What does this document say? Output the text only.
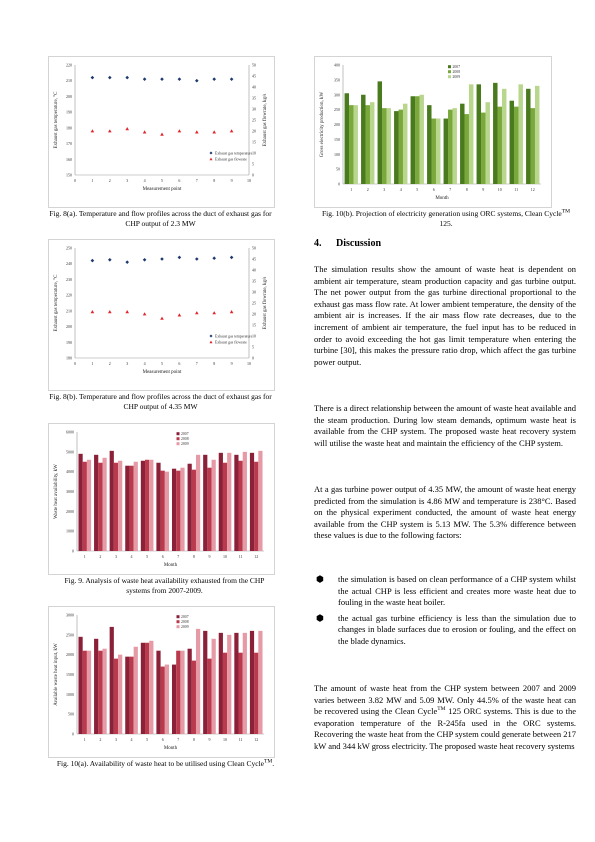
150
160
170
180
190
200
210
220
0
5
10
15
20
25
30
35
40
45
50
0	1	2	3	4	5	6	7	8	9	10
Measurement point
Exhaust gas temperature, °C	Exhaust gas flowrate, kg/s
Exhaust gas temperature
Exhaust gas flowrate
Fig. 8(a). Temperature and flow profiles across the duct of exhaust gas for CHP output of 2.3 MW
180
190
200
210
220
230
240
250
0
5
10
15
20
25
30
35
40
45
50
0	1	2	3	4	5	6	7	8	9	10
Measurement point
Exhaust gas temperature, °C	Exhaust gas flowrate, kg/s
Exhaust gas temperature
Exhaust gas flowrate
Fig. 8(b). Temperature and flow profiles across the duct of exhaust gas for CHP output of 4.35 MW
0
1000
2000
3000
4000
5000
6000
1	2	3	4	5	6	7	8	9	10	11	12
Month
Waste heat availability, kW
2007
2008
2009
Fig. 9. Analysis of waste heat availability exhausted from the CHP systems from 2007-2009.
0
500
1000
1500
2000
2500
3000
1	2	3	4	5	6	7	8	9	10	11	12
Month
Available waste heat input, kW
2007
2008
2009
Fig. 10(a). Availability of waste heat to be utilised using Clean Cycle™.
0
50
100
150
200
250
300
350
400
1	2	3	4	5	6	7	8	9	10	11	12
Month
Gross electricity production, kW
2007
2008
2009
Fig. 10(b). Projection of electricity generation using ORC systems, Clean Cycle™ 125.
4. Discussion

The simulation results show the amount of waste heat is dependent on ambient air temperature, steam production capacity and gas turbine output. The net power output from the gas turbine directional proportional to the exhaust gas mass flow rate. At lower ambient temperature, the density of the ambient air is increases. If the air mass flow rate decreases, due to the increment of ambient air temperature, the fuel input has to be reduced in order to avoid exceeding the hot gas limit temperature when entering the turbine [30], this makes the pressure ratio drop, which affect the gas turbine power output.

There is a direct relationship between the amount of waste heat available and the steam production. During low steam demands, optimum waste heat is available from the CHP system. The proposed waste heat recovery system will utilise the waste heat and maintain the efficiency of the CHP system.

At a gas turbine power output of 4.35 MW, the amount of waste heat energy predicted from the simulation is 4.86 MW and temperature is 238°C. Based on the physical experiment conducted, the amount of waste heat energy available from the CHP system is 5.13 MW. The 5.3% difference between these values is due to the following factors:

⬢	the simulation is based on clean performance of a CHP system whilst the actual CHP is less efficient and creates more waste heat due to fouling in the waste heat boiler.
⬢	the actual gas turbine efficiency is less than the simulation due to changes in blade surfaces due to erosion or fouling, and the effect on the blade dynamics.

The amount of waste heat from the CHP system between 2007 and 2009 varies between 3.82 MW and 5.09 MW. Only 44.5% of the waste heat can be recovered using the Clean Cycle™ 125 ORC systems. This is due to the evaporation temperature of the R-245fa used in the ORC systems. Recovering the waste heat from the CHP system could generate between 217 kW and 344 kW gross electricity. The proposed waste heat recovery systems
